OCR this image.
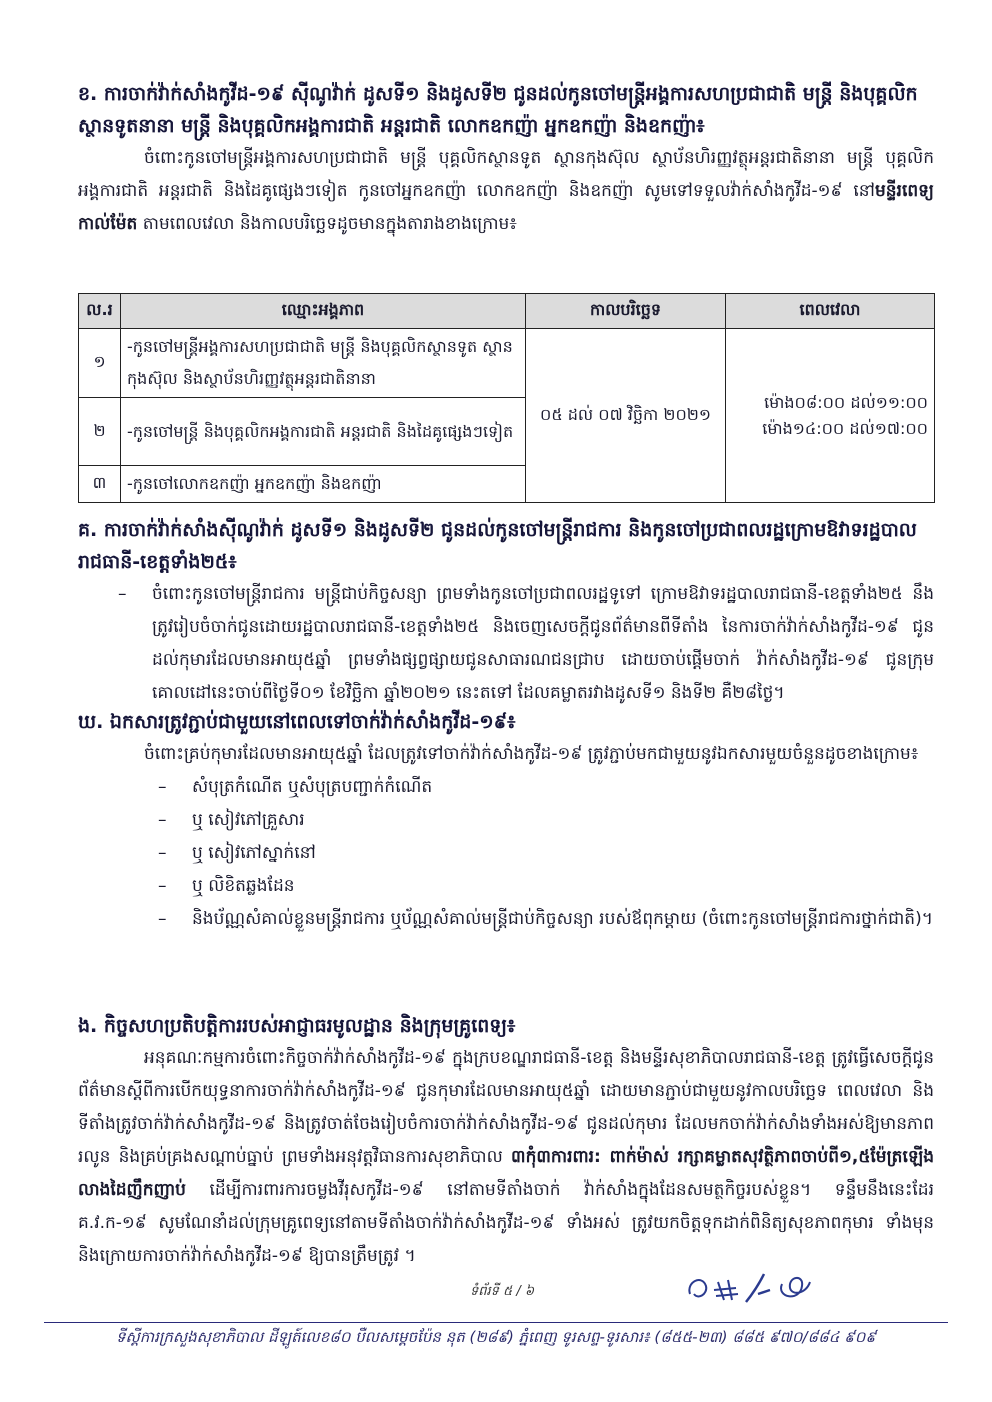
ខ. ការចាក់វ៉ាក់សាំងកូវីដ-១៩ ស៊ីណូវ៉ាក់ ដូសទី១ និងដូសទី២ ជូនដល់កូនចៅមន្ត្រីអង្គការសហប្រជាជាតិ មន្ត្រី និងបុគ្គលិក ស្ថានទូតនានា មន្ត្រី និងបុគ្គលិកអង្គការជាតិ អន្តរជាតិ លោកឧកញ៉ា អ្នកឧកញ៉ា និងឧកញ៉ា៖
ចំពោះកូនចៅមន្ត្រីអង្គការសហប្រជាជាតិ មន្ត្រី បុគ្គលិកស្ថានទូត ស្ថានកុងស៊ុល ស្ថាប័នហិរញ្ញវត្ថុអន្តរជាតិនានា មន្ត្រី បុគ្គលិកអង្គការជាតិ អន្តរជាតិ និងដៃគូផ្សេងៗទៀត កូនចៅអ្នកឧកញ៉ា លោកឧកញ៉ា និងឧកញ៉ា សូមទៅទទួលវ៉ាក់សាំងកូវីដ-១៩ នៅមន្ទីរពេទ្យកាល់ម៉ែត តាមពេលវេលា និងកាលបរិច្ឆេទដូចមានក្នុងតារាងខាងក្រោម៖
ល.រ	ឈ្មោះអង្គភាព	កាលបរិច្ឆេទ	ពេលវេលា
១	-កូនចៅមន្ត្រីអង្គការសហប្រជាជាតិ មន្ត្រី និងបុគ្គលិកស្ថានទូត ស្ថានកុងស៊ុល និងស្ថាប័នហិរញ្ញវត្ថុអន្តរជាតិនានា	០៥ ដល់ ០៧ វិច្ឆិកា ២០២១	ម៉ោង០៨:០០ ដល់១១:០០
ម៉ោង១៤:០០ ដល់១៧:០០

២	-កូនចៅមន្ត្រី និងបុគ្គលិកអង្គការជាតិ អន្តរជាតិ និងដៃគូផ្សេងៗទៀត		
៣	-កូនចៅលោកឧកញ៉ា អ្នកឧកញ៉ា និងឧកញ៉ា		
គ. ការចាក់វ៉ាក់សាំងស៊ីណូវ៉ាក់ ដូសទី១ និងដូសទី២ ជូនដល់កូនចៅមន្ត្រីរាជការ និងកូនចៅប្រជាពលរដ្ឋក្រោមឱវាទរដ្ឋបាលរាជធានី-ខេត្តទាំង២៥៖
– ចំពោះកូនចៅមន្ត្រីរាជការ មន្ត្រីជាប់កិច្ចសន្យា ព្រមទាំងកូនចៅប្រជាពលរដ្ឋទូទៅ ក្រោមឱវាទរដ្ឋបាលរាជធានី-ខេត្តទាំង២៥ នឹងត្រូវរៀបចំចាក់ជូនដោយរដ្ឋបាលរាជធានី-ខេត្តទាំង២៥ និងចេញសេចក្តីជូនព័ត៌មានពីទីតាំង នៃការចាក់វ៉ាក់សាំងកូវីដ-១៩ ជូនដល់កុមារដែលមានអាយុ៥ឆ្នាំ ព្រមទាំងផ្សព្វផ្សាយជូនសាធារណជនជ្រាប ដោយចាប់ផ្តើមចាក់ វ៉ាក់សាំងកូវីដ-១៩ ជូនក្រុមគោលដៅនេះចាប់ពីថ្ងៃទី០១ ខែវិច្ឆិកា ឆ្នាំ២០២១ នេះតទៅ ដែលគម្លាតរវាងដូសទី១ និងទី២ គឺ២៨ថ្ងៃ។
ឃ. ឯកសារត្រូវភ្ជាប់ជាមួយនៅពេលទៅចាក់វ៉ាក់សាំងកូវីដ-១៩៖
ចំពោះគ្រប់កុមារដែលមានអាយុ៥ឆ្នាំ ដែលត្រូវទៅចាក់វ៉ាក់សាំងកូវីដ-១៩ ត្រូវភ្ជាប់មកជាមួយនូវឯកសារមួយចំនួនដូចខាងក្រោម៖
– សំបុត្រកំណើត ឬសំបុត្របញ្ជាក់កំណើត
– ឬ សៀវភៅគ្រួសារ
– ឬ សៀវភៅស្នាក់នៅ
– ឬ លិខិតឆ្លងដែន
– និងប័ណ្ណសំគាល់ខ្លួនមន្ត្រីរាជការ ឬប័ណ្ណសំគាល់មន្ត្រីជាប់កិច្ចសន្យា របស់ឪពុកម្តាយ (ចំពោះកូនចៅមន្ត្រីរាជការថ្នាក់ជាតិ)។
ង. កិច្ចសហប្រតិបត្តិការរបស់អាជ្ញាធរមូលដ្ឋាន និងក្រុមគ្រូពេទ្យ៖
អនុគណៈកម្មការចំពោះកិច្ចចាក់វ៉ាក់សាំងកូវីដ-១៩ ក្នុងក្របខណ្ឌរាជធានី-ខេត្ត និងមន្ទីរសុខាភិបាលរាជធានី-ខេត្ត ត្រូវធ្វើសេចក្តីជូនព័ត៌មានស្តីពីការបើកយុទ្ធនាការចាក់វ៉ាក់សាំងកូវីដ-១៩ ជូនកុមារដែលមានអាយុ៥ឆ្នាំ ដោយមានភ្ជាប់ជាមួយនូវកាលបរិច្ឆេទ ពេលវេលា និងទីតាំងត្រូវចាក់វ៉ាក់សាំងកូវីដ-១៩ និងត្រូវចាត់ចែងរៀបចំការចាក់វ៉ាក់សាំងកូវីដ-១៩ ជូនដល់កុមារ ដែលមកចាក់វ៉ាក់សាំងទាំងអស់ឱ្យមានភាពរលូន និងគ្រប់គ្រងសណ្តាប់ធ្នាប់ ព្រមទាំងអនុវត្តវិធានការសុខាភិបាល ៣កុំ៣ការពារ: ពាក់ម៉ាស់ រក្សាគម្លាតសុវត្ថិភាពចាប់ពី១,៥ម៉ែត្រឡើង លាងដៃញឹកញាប់ ដើម្បីការពារការចម្លងវីរុសកូវីដ-១៩ នៅតាមទីតាំងចាក់ វ៉ាក់សាំងក្នុងដែនសមត្ថកិច្ចរបស់ខ្លួន។ ទន្ទឹមនឹងនេះដែរ គ.វ.ក-១៩ សូមណែនាំដល់ក្រុមគ្រូពេទ្យនៅតាមទីតាំងចាក់វ៉ាក់សាំងកូវីដ-១៩ ទាំងអស់ ត្រូវយកចិត្តទុកដាក់ពិនិត្យសុខភាពកុមារ ទាំងមុន និងក្រោយការចាក់វ៉ាក់សាំងកូវីដ-១៩ ឱ្យបានត្រឹមត្រូវ ។
ទំព័រទី ៥ / ៦
ទីស្តីការក្រសួងសុខាភិបាល ដីឡូត៍លេខ៨០ បឺលសម្តេចប៉ែន នុត (២៨៩) ភ្នំពេញ ទូរសព្ទ-ទូរសារ៖ (៨៥៥-២៣) ៨៨៥ ៩៧០/៨៨៤ ៩០៩
